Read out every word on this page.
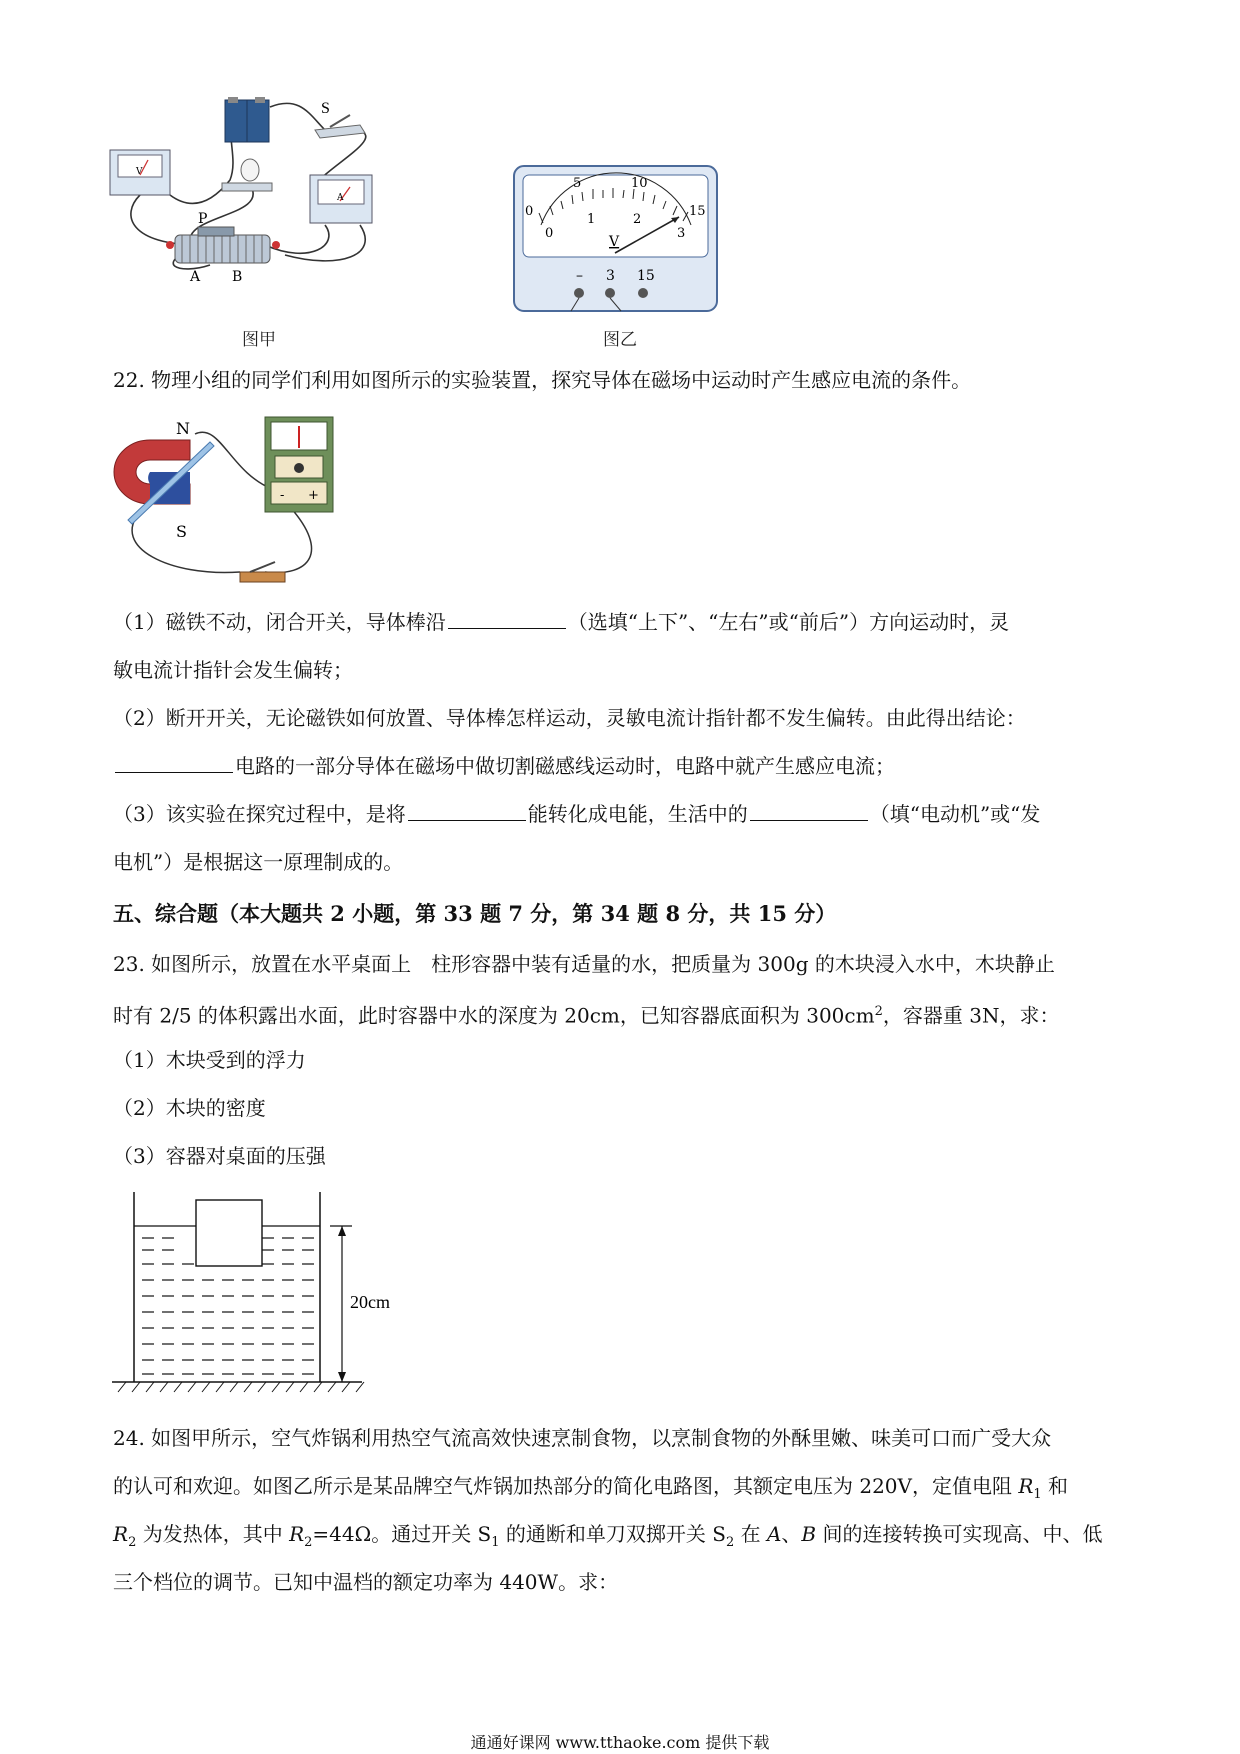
S
V
A
P
A B
图甲
0
5	10
15
0
1	2
3
V
– 3 15
图乙
22. 物理小组的同学们利用如图所示的实验装置，探究导体在磁场中运动时产生感应电流的条件。
N
S
- +
（1）磁铁不动，闭合开关，导体棒沿	（选填“上下”、“左右”或“前后”）方向运动时，灵
敏电流计指针会发生偏转；
（2）断开开关，无论磁铁如何放置、导体棒怎样运动，灵敏电流计指针都不发生偏转。由此得出结论：
电路的一部分导体在磁场中做切割磁感线运动时，电路中就产生感应电流；
（3）该实验在探究过程中，是将	能转化成电能，生活中的	（填“电动机”或“发
电机”）是根据这一原理制成的。
五、综合题（本大题共 2 小题，第 33 题 7 分，第 34 题 8 分，共 15 分）
23. 如图所示，放置在水平桌面上　柱形容器中装有适量的水，把质量为 300g 的木块浸入水中，木块静止
时有 2/5 的体积露出水面，此时容器中水的深度为 20cm，已知容器底面积为 $300cm^2$，容器重 3N，求：
（1）木块受到的浮力
（2）木块的密度
（3）容器对桌面的压强
20cm
24. 如图甲所示，空气炸锅利用热空气流高效快速烹制食物，以烹制食物的外酥里嫩、味美可口而广受大众
的认可和欢迎。如图乙所示是某品牌空气炸锅加热部分的简化电路图，其额定电压为 220V，定值电阻 $R_1$ 和
$R_2$ 为发热体，其中 $R_2=44\Omega$。通过开关 $S_1$ 的通断和单刀双掷开关 $S_2$ 在 A、B 间的连接转换可实现高、中、低
三个档位的调节。已知中温档的额定功率为 440W。求：
通通好课网 www.tthaoke.com 提供下载
